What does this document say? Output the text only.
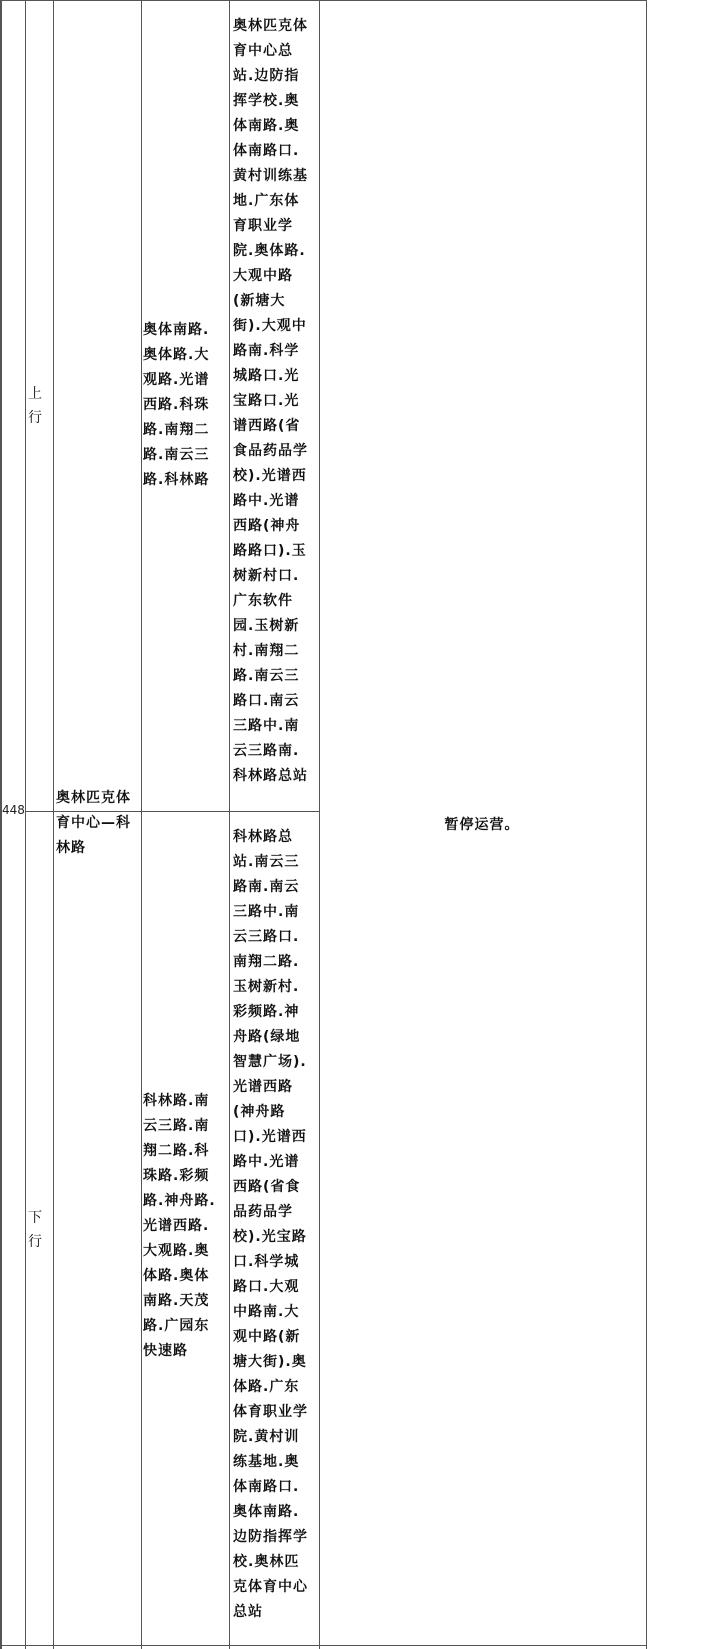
448
上行
下行
奥林匹克体育中心—科林路
奥体南路.
奥体路.大
观路.光谱
西路.科珠
路.南翔二
路.南云三
路.科林路
科林路.南
云三路.南
翔二路.科
珠路.彩频
路.神舟路.
光谱西路.
大观路.奥
体路.奥体
南路.天茂
路.广园东
快速路
奥林匹克体
育中心总
站.边防指
挥学校.奥
体南路.奥
体南路口.
黄村训练基
地.广东体
育职业学
院.奥体路.
大观中路
(新塘大
街).大观中
路南.科学
城路口.光
宝路口.光
谱西路(省
食品药品学
校).光谱西
路中.光谱
西路(神舟
路路口).玉
树新村口.
广东软件
园.玉树新
村.南翔二
路.南云三
路口.南云
三路中.南
云三路南.
科林路总站
科林路总
站.南云三
路南.南云
三路中.南
云三路口.
南翔二路.
玉树新村.
彩频路.神
舟路(绿地
智慧广场).
光谱西路
(神舟路
口).光谱西
路中.光谱
西路(省食
品药品学
校).光宝路
口.科学城
路口.大观
中路南.大
观中路(新
塘大街).奥
体路.广东
体育职业学
院.黄村训
练基地.奥
体南路口.
奥体南路.
边防指挥学
校.奥林匹
克体育中心
总站
暂停运营。
